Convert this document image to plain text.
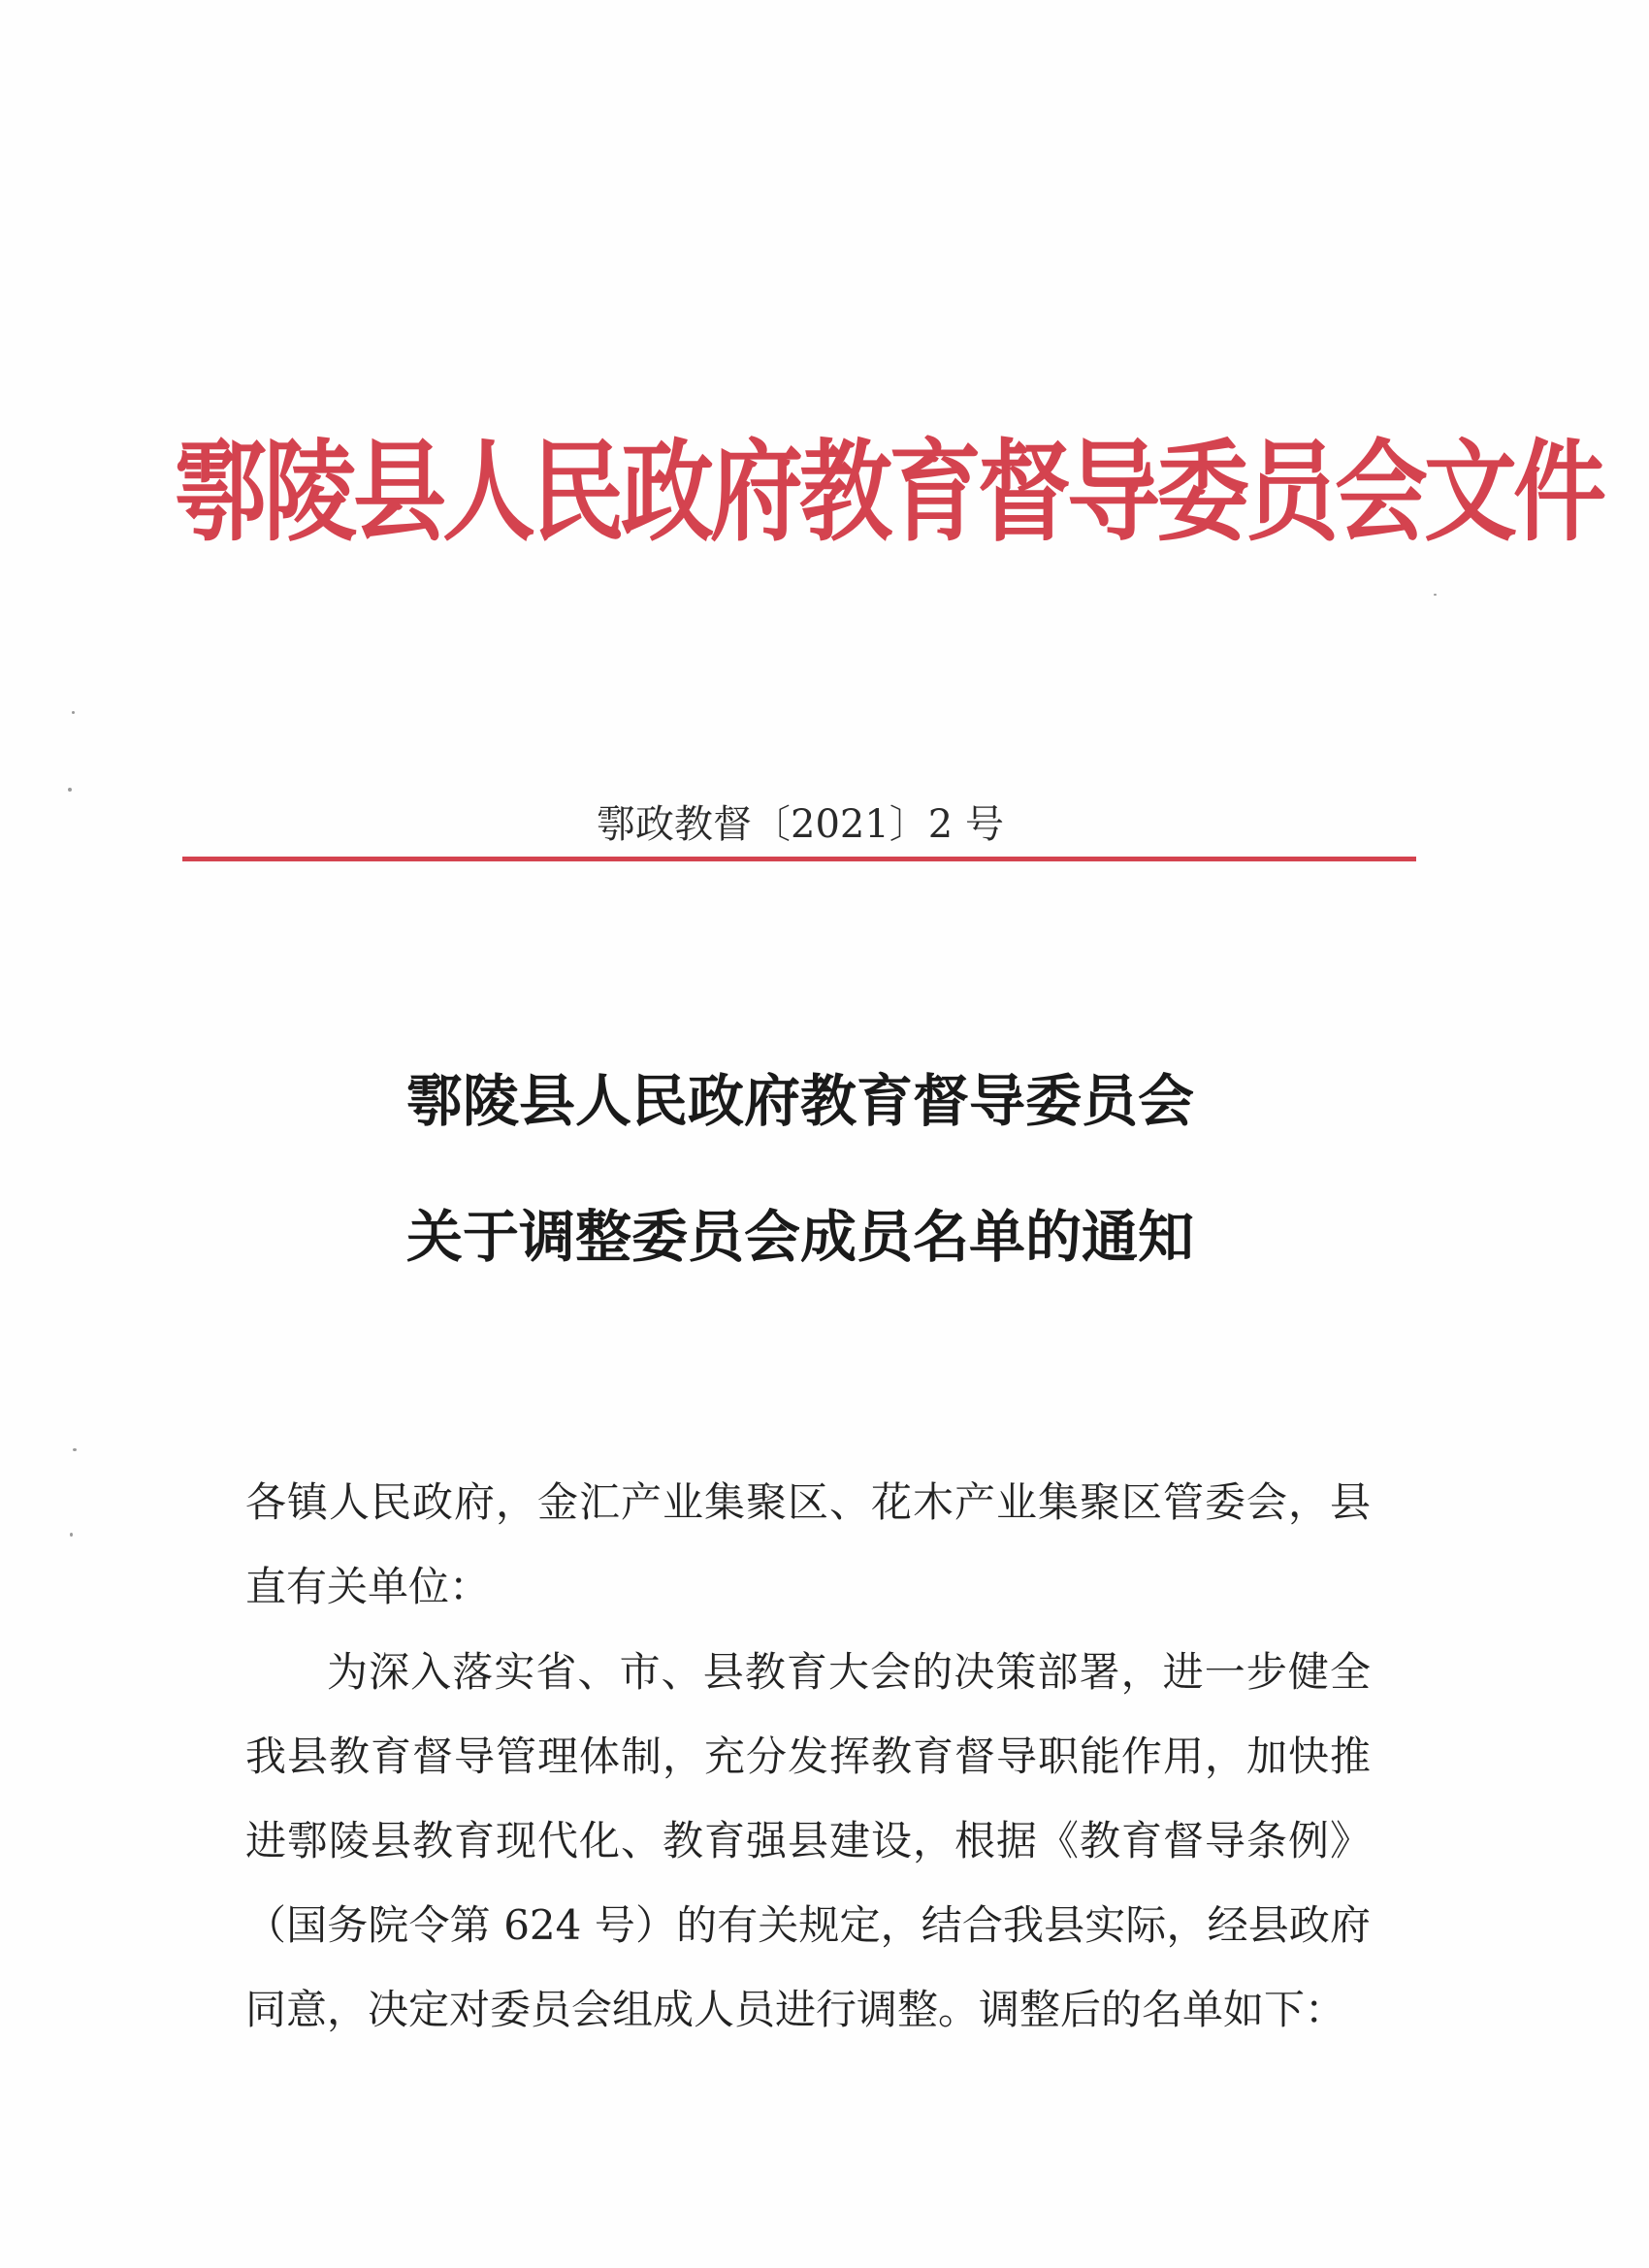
鄠陵县人民政府教育督导委员会文件
鄠政教督〔2021〕2 号
鄠陵县人民政府教育督导委员会
关于调整委员会成员名单的通知
各镇人民政府，金汇产业集聚区、花木产业集聚区管委会，县直有关单位：
为深入落实省、市、县教育大会的决策部署，进一步健全我县教育督导管理体制，充分发挥教育督导职能作用，加快推进鄠陵县教育现代化、教育强县建设，根据《教育督导条例》（国务院令第 624 号）的有关规定，结合我县实际，经县政府同意，决定对委员会组成人员进行调整。调整后的名单如下：
